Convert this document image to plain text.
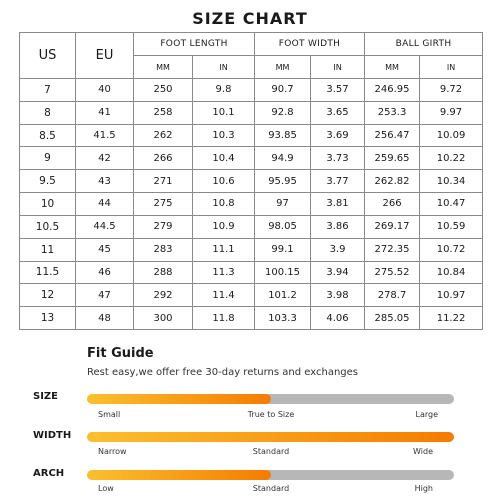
SIZE CHART
US	EU	FOOT LENGTH		FOOT WIDTH		BALL GIRTH	
		MM	IN	MM	IN	MM	IN
7	40	250	9.8	90.7	3.57	246.95	9.72
8	41	258	10.1	92.8	3.65	253.3	9.97
8.5	41.5	262	10.3	93.85	3.69	256.47	10.09
9	42	266	10.4	94.9	3.73	259.65	10.22
9.5	43	271	10.6	95.95	3.77	262.82	10.34
10	44	275	10.8	97	3.81	266	10.47
10.5	44.5	279	10.9	98.05	3.86	269.17	10.59
11	45	283	11.1	99.1	3.9	272.35	10.72
11.5	46	288	11.3	100.15	3.94	275.52	10.84
12	47	292	11.4	101.2	3.98	278.7	10.97
13	48	300	11.8	103.3	4.06	285.05	11.22
Fit Guide
Rest easy,we offer free 30-day returns and exchanges
SIZE
Small	True to Size	Large
WIDTH
Narrow	Standard	Wide
ARCH
Low	Standard	High
